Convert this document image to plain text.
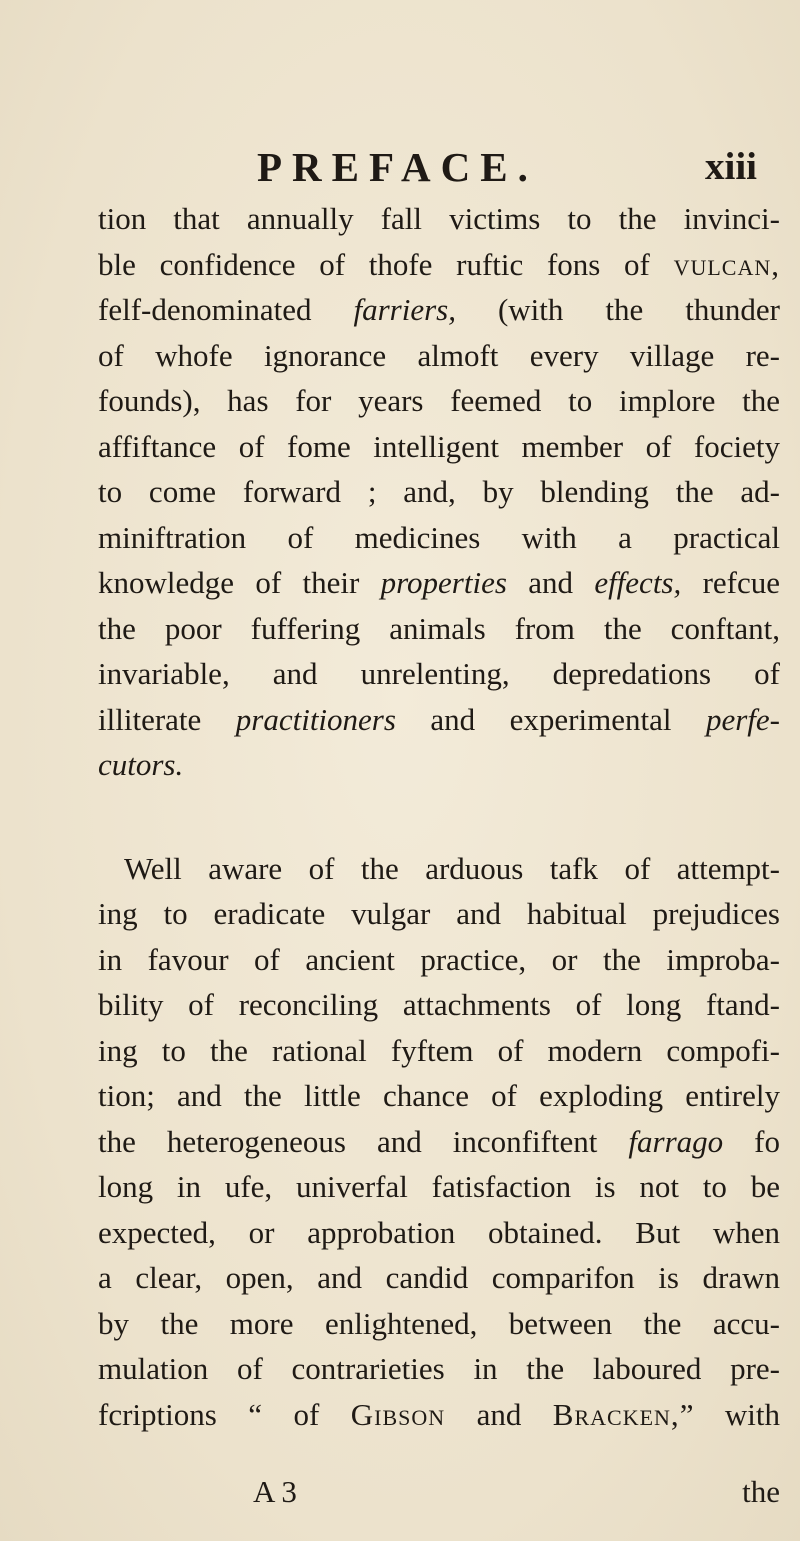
PREFACE.	xiii
tion that annually fall victims to the invinci-
ble confidence of thofe ruftic fons of vulcan,
felf-denominated farriers, (with the thunder
of whofe ignorance almoft every village re-
founds), has for years feemed to implore the
affiftance of fome intelligent member of fociety
to come forward ; and, by blending the ad-
miniftration of medicines with a practical
knowledge of their properties and effects, refcue
the poor fuffering animals from the conftant,
invariable, and unrelenting, depredations of
illiterate practitioners and experimental perfe-
cutors.
Well aware of the arduous tafk of attempt-
ing to eradicate vulgar and habitual prejudices
in favour of ancient practice, or the improba-
bility of reconciling attachments of long ftand-
ing to the rational fyftem of modern compofi-
tion; and the little chance of exploding entirely
the heterogeneous and inconfiftent farrago fo
long in ufe, univerfal fatisfaction is not to be
expected, or approbation obtained. But when
a clear, open, and candid comparifon is drawn
by the more enlightened, between the accu-
mulation of contrarieties in the laboured pre-
fcriptions “ of Gibson and Bracken,” with
A 3	the
